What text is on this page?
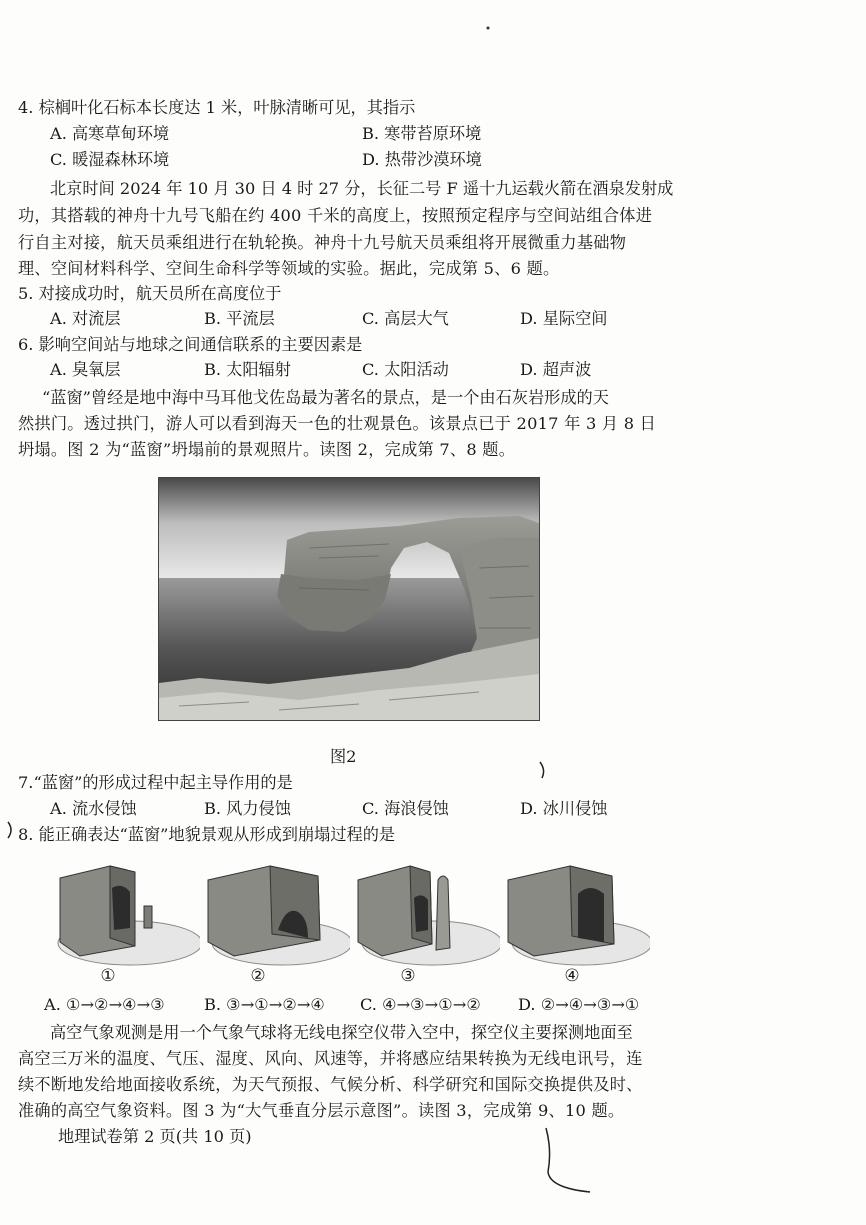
4. 棕榈叶化石标本长度达 1 米，叶脉清晰可见，其指示
A. 高寒草甸环境	B. 寒带苔原环境
C. 暖湿森林环境	D. 热带沙漠环境
北京时间 2024 年 10 月 30 日 4 时 27 分，长征二号 F 遥十九运载火箭在酒泉发射成
功，其搭载的神舟十九号飞船在约 400 千米的高度上，按照预定程序与空间站组合体进
行自主对接，航天员乘组进行在轨轮换。神舟十九号航天员乘组将开展微重力基础物
理、空间材料科学、空间生命科学等领域的实验。据此，完成第 5、6 题。
5. 对接成功时，航天员所在高度位于
A. 对流层	B. 平流层	C. 高层大气	D. 星际空间
6. 影响空间站与地球之间通信联系的主要因素是
A. 臭氧层	B. 太阳辐射	C. 太阳活动	D. 超声波
“蓝窗”曾经是地中海中马耳他戈佐岛最为著名的景点，是一个由石灰岩形成的天
然拱门。透过拱门，游人可以看到海天一色的壮观景色。该景点已于 2017 年 3 月 8 日
坍塌。图 2 为“蓝窗”坍塌前的景观照片。读图 2，完成第 7、8 题。
图2
7.“蓝窗”的形成过程中起主导作用的是
A. 流水侵蚀	B. 风力侵蚀	C. 海浪侵蚀	D. 冰川侵蚀
8. 能正确表达“蓝窗”地貌景观从形成到崩塌过程的是
①	②	③	④
A. ①→②→④→③ B. ③→①→②→④ C. ④→③→①→② D. ②→④→③→①
高空气象观测是用一个气象气球将无线电探空仪带入空中，探空仪主要探测地面至
高空三万米的温度、气压、湿度、风向、风速等，并将感应结果转换为无线电讯号，连
续不断地发给地面接收系统，为天气预报、气候分析、科学研究和国际交换提供及时、
准确的高空气象资料。图 3 为“大气垂直分层示意图”。读图 3，完成第 9、10 题。
地理试卷第 2 页(共 10 页)
